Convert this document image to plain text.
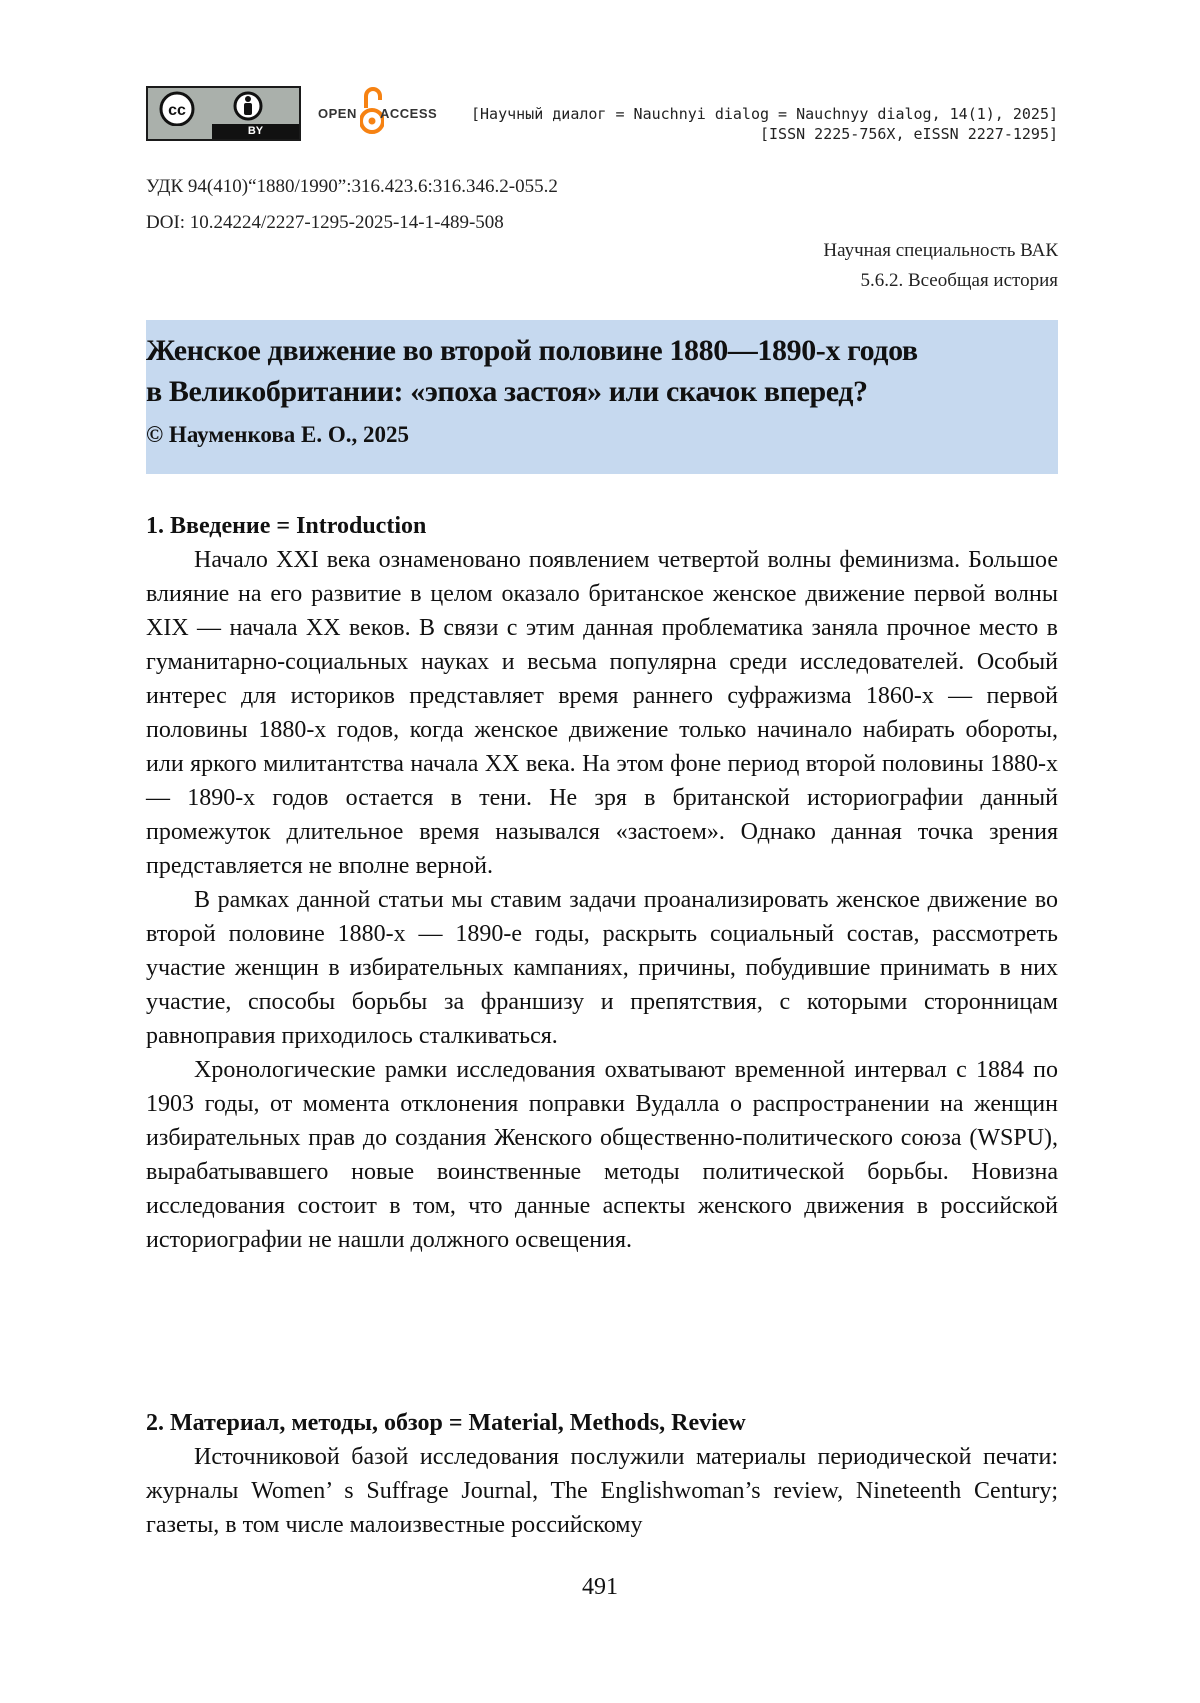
cc
BY
OPEN ACCESS [Научный диалог = Nauchnyi dialog = Nauchnyy dialog, 14(1), 2025]
[ISSN 2225-756X, eISSN 2227-1295]
УДК 94(410)“1880/1990”:316.423.6:316.346.2-055.2
DOI: 10.24224/2227-1295-2025-14-1-489-508
Научная специальность ВАК
5.6.2. Всеобщая история
Женское движение во второй половине 1880—1890-х годов
в Великобритании: «эпоха застоя» или скачок вперед?
© Науменкова Е. О., 2025

1. Введение = Introduction

Начало XXI века ознаменовано появлением четвертой волны феминизма. Большое влияние на его развитие в целом оказало британское женское движение первой волны XIX — начала XX веков. В связи с этим данная проблематика заняла прочное место в гуманитарно-социальных науках и весьма популярна среди исследователей. Особый интерес для историков представляет время раннего суфражизма 1860-х — первой половины 1880-х годов, когда женское движение только начинало набирать обороты, или яркого милитантства начала XX века. На этом фоне период второй половины 1880-х — 1890-х годов остается в тени. Не зря в британской историографии данный промежуток длительное время назывался «застоем». Однако данная точка зрения представляется не вполне верной.

В рамках данной статьи мы ставим задачи проанализировать женское движение во второй половине 1880-х — 1890-е годы, раскрыть социальный состав, рассмотреть участие женщин в избирательных кампаниях, причины, побудившие принимать в них участие, способы борьбы за франшизу и препятствия, с которыми сторонницам равноправия приходилось сталкиваться.

Хронологические рамки исследования охватывают временной интервал с 1884 по 1903 годы, от момента отклонения поправки Вудалла о распространении на женщин избирательных прав до создания Женского общественно-политического союза (WSPU), вырабатывавшего новые воинственные методы политической борьбы. Новизна исследования состоит в том, что данные аспекты женского движения в российской историографии не нашли должного освещения.

2. Материал, методы, обзор = Material, Methods, Review

Источниковой базой исследования послужили материалы периодической печати: журналы Women’ s Suffrage Journal, The Englishwoman’s review, Nineteenth Century; газеты, в том числе малоизвестные российскому

491
